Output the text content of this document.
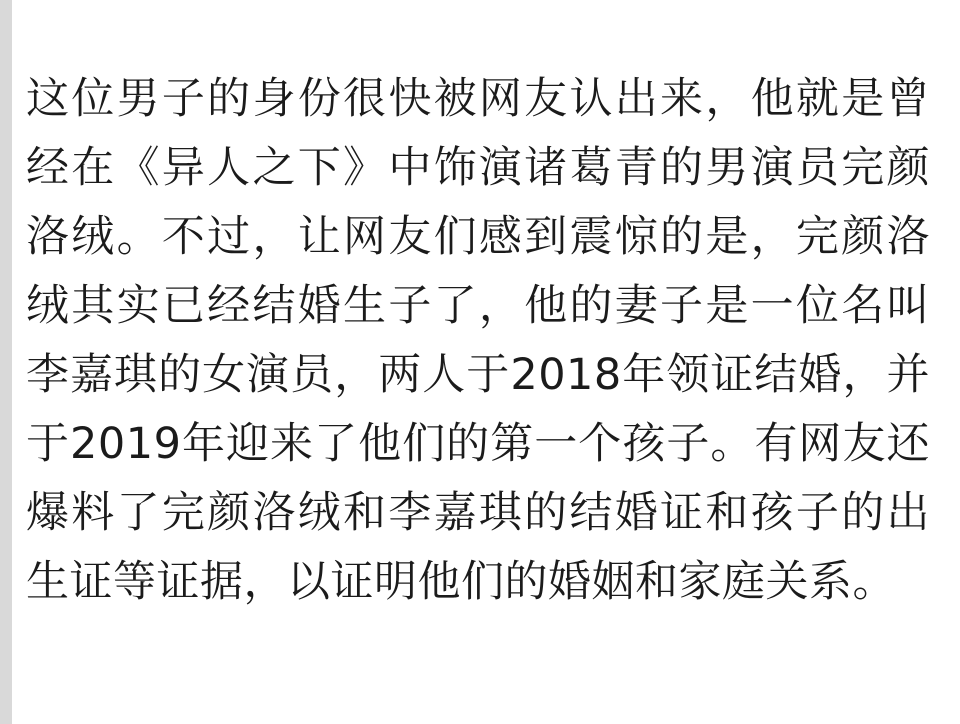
这位男子的身份很快被网友认出来，他就是曾经在《异人之下》中饰演诸葛青的男演员完颜洛绒。不过，让网友们感到震惊的是，完颜洛绒其实已经结婚生子了，他的妻子是一位名叫李嘉琪的女演员，两人于2018年领证结婚，并于2019年迎来了他们的第一个孩子。有网友还爆料了完颜洛绒和李嘉琪的结婚证和孩子的出生证等证据，以证明他们的婚姻和家庭关系。
